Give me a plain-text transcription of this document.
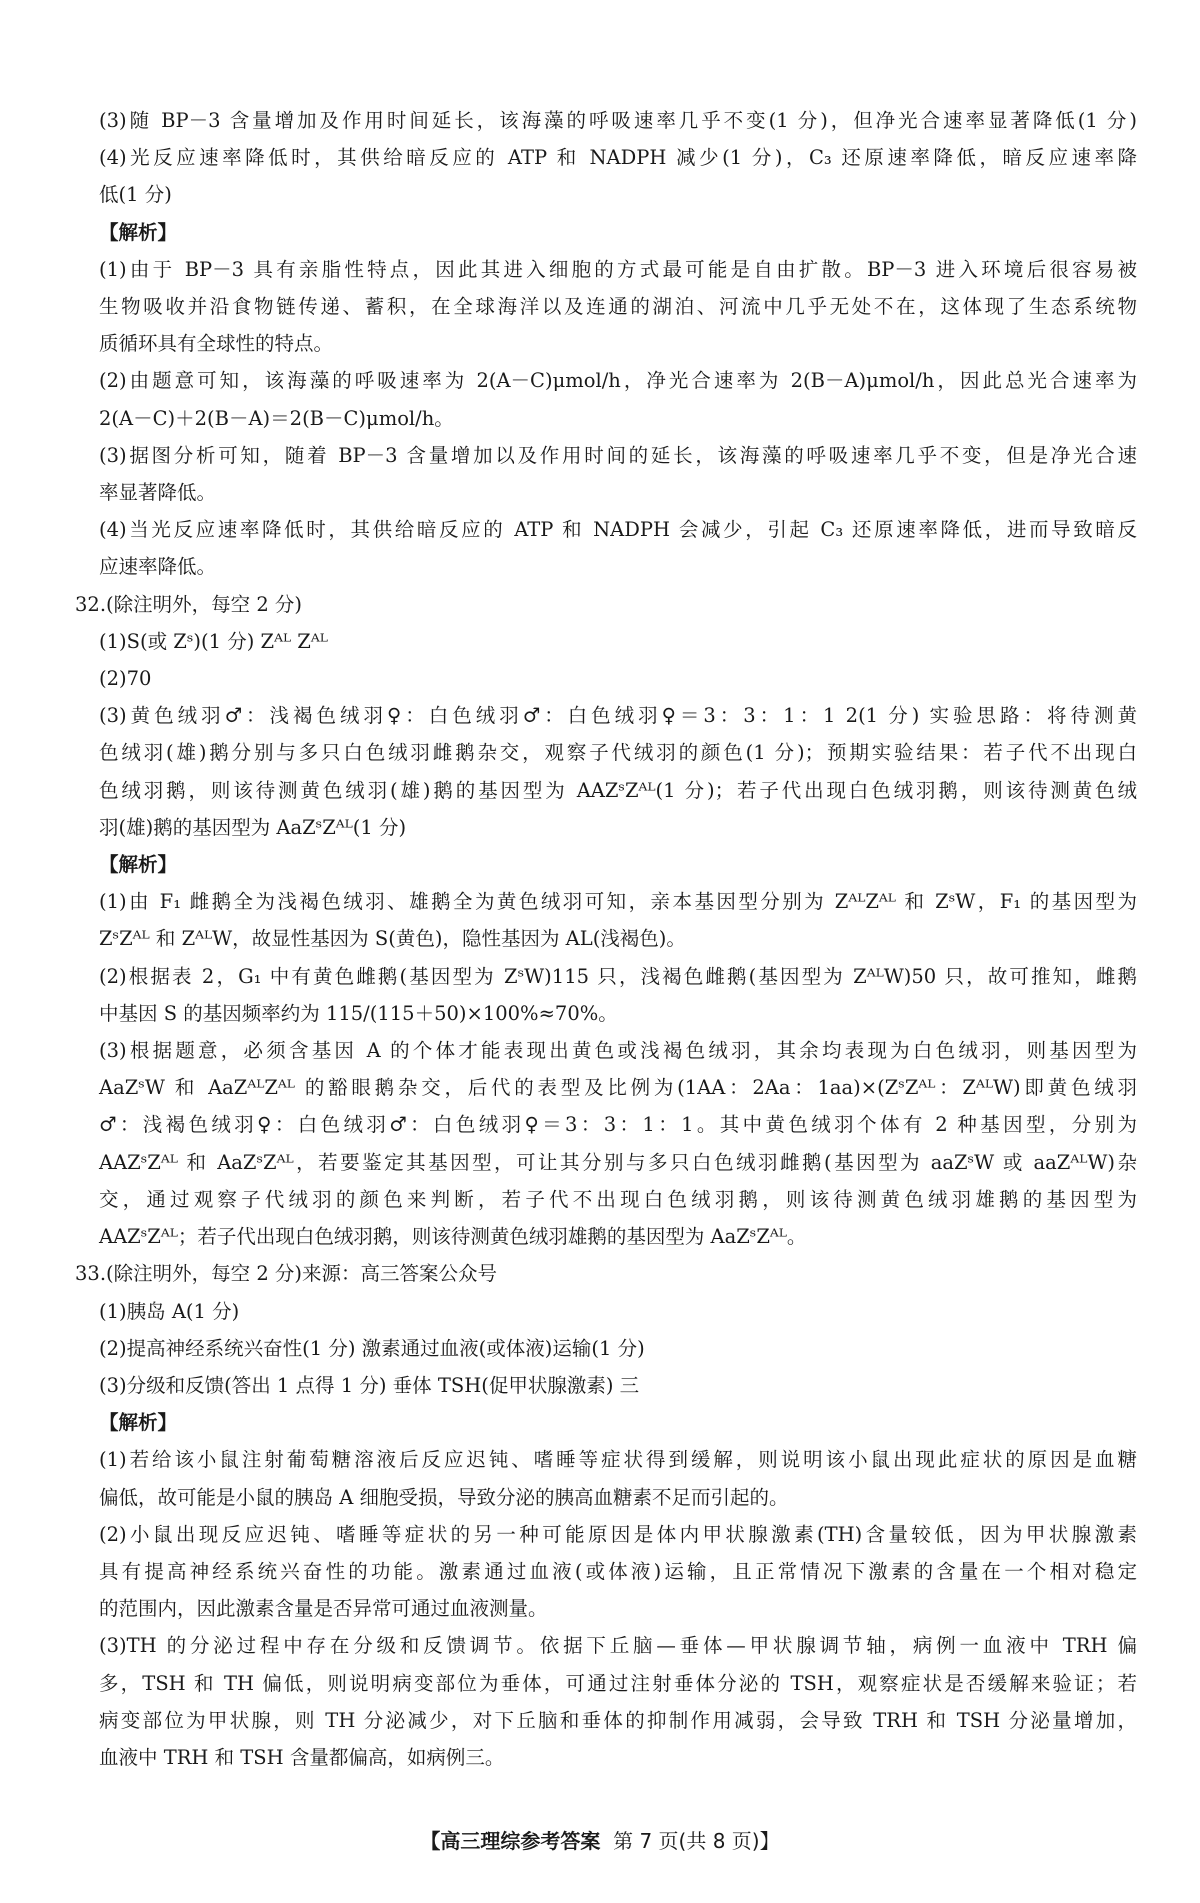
(3)随 BP－3 含量增加及作用时间延长，该海藻的呼吸速率几乎不变(1 分)，但净光合速率显著降低(1 分)

(4)光反应速率降低时，其供给暗反应的 ATP 和 NADPH 减少(1 分)，C₃ 还原速率降低，暗反应速率降

低(1 分)

【解析】

(1)由于 BP－3 具有亲脂性特点，因此其进入细胞的方式最可能是自由扩散。BP－3 进入环境后很容易被

生物吸收并沿食物链传递、蓄积，在全球海洋以及连通的湖泊、河流中几乎无处不在，这体现了生态系统物

质循环具有全球性的特点。

(2)由题意可知，该海藻的呼吸速率为 2(A－C)μmol/h，净光合速率为 2(B－A)μmol/h，因此总光合速率为

2(A－C)＋2(B－A)＝2(B－C)μmol/h。

(3)据图分析可知，随着 BP－3 含量增加以及作用时间的延长，该海藻的呼吸速率几乎不变，但是净光合速

率显著降低。

(4)当光反应速率降低时，其供给暗反应的 ATP 和 NADPH 会减少，引起 C₃ 还原速率降低，进而导致暗反

应速率降低。

32.(除注明外，每空 2 分)

(1)S(或 Zˢ)(1 分) Zᴬᴸ Zᴬᴸ

(2)70

(3)黄色绒羽♂：浅褐色绒羽♀：白色绒羽♂：白色绒羽♀＝3：3：1：1 2(1 分) 实验思路：将待测黄

色绒羽(雄)鹅分别与多只白色绒羽雌鹅杂交，观察子代绒羽的颜色(1 分)；预期实验结果：若子代不出现白

色绒羽鹅，则该待测黄色绒羽(雄)鹅的基因型为 AAZˢZᴬᴸ(1 分)；若子代出现白色绒羽鹅，则该待测黄色绒

羽(雄)鹅的基因型为 AaZˢZᴬᴸ(1 分)

【解析】

(1)由 F₁ 雌鹅全为浅褐色绒羽、雄鹅全为黄色绒羽可知，亲本基因型分别为 ZᴬᴸZᴬᴸ 和 ZˢW，F₁ 的基因型为

ZˢZᴬᴸ 和 ZᴬᴸW，故显性基因为 S(黄色)，隐性基因为 AL(浅褐色)。

(2)根据表 2，G₁ 中有黄色雌鹅(基因型为 ZˢW)115 只，浅褐色雌鹅(基因型为 ZᴬᴸW)50 只，故可推知，雌鹅

中基因 S 的基因频率约为 115/(115＋50)×100%≈70%。

(3)根据题意，必须含基因 A 的个体才能表现出黄色或浅褐色绒羽，其余均表现为白色绒羽，则基因型为

AaZˢW 和 AaZᴬᴸZᴬᴸ 的豁眼鹅杂交，后代的表型及比例为(1AA：2Aa：1aa)×(ZˢZᴬᴸ：ZᴬᴸW)即黄色绒羽

♂：浅褐色绒羽♀：白色绒羽♂：白色绒羽♀＝3：3：1：1。其中黄色绒羽个体有 2 种基因型，分别为

AAZˢZᴬᴸ 和 AaZˢZᴬᴸ，若要鉴定其基因型，可让其分别与多只白色绒羽雌鹅(基因型为 aaZˢW 或 aaZᴬᴸW)杂

交，通过观察子代绒羽的颜色来判断，若子代不出现白色绒羽鹅，则该待测黄色绒羽雄鹅的基因型为

AAZˢZᴬᴸ；若子代出现白色绒羽鹅，则该待测黄色绒羽雄鹅的基因型为 AaZˢZᴬᴸ。

33.(除注明外，每空 2 分)来源：高三答案公众号

(1)胰岛 A(1 分)

(2)提高神经系统兴奋性(1 分) 激素通过血液(或体液)运输(1 分)

(3)分级和反馈(答出 1 点得 1 分) 垂体 TSH(促甲状腺激素) 三

【解析】

(1)若给该小鼠注射葡萄糖溶液后反应迟钝、嗜睡等症状得到缓解，则说明该小鼠出现此症状的原因是血糖

偏低，故可能是小鼠的胰岛 A 细胞受损，导致分泌的胰高血糖素不足而引起的。

(2)小鼠出现反应迟钝、嗜睡等症状的另一种可能原因是体内甲状腺激素(TH)含量较低，因为甲状腺激素

具有提高神经系统兴奋性的功能。激素通过血液(或体液)运输，且正常情况下激素的含量在一个相对稳定

的范围内，因此激素含量是否异常可通过血液测量。

(3)TH 的分泌过程中存在分级和反馈调节。依据下丘脑—垂体—甲状腺调节轴，病例一血液中 TRH 偏

多，TSH 和 TH 偏低，则说明病变部位为垂体，可通过注射垂体分泌的 TSH，观察症状是否缓解来验证；若

病变部位为甲状腺，则 TH 分泌减少，对下丘脑和垂体的抑制作用减弱，会导致 TRH 和 TSH 分泌量增加，

血液中 TRH 和 TSH 含量都偏高，如病例三。

【高三理综参考答案 第 7 页(共 8 页)】
